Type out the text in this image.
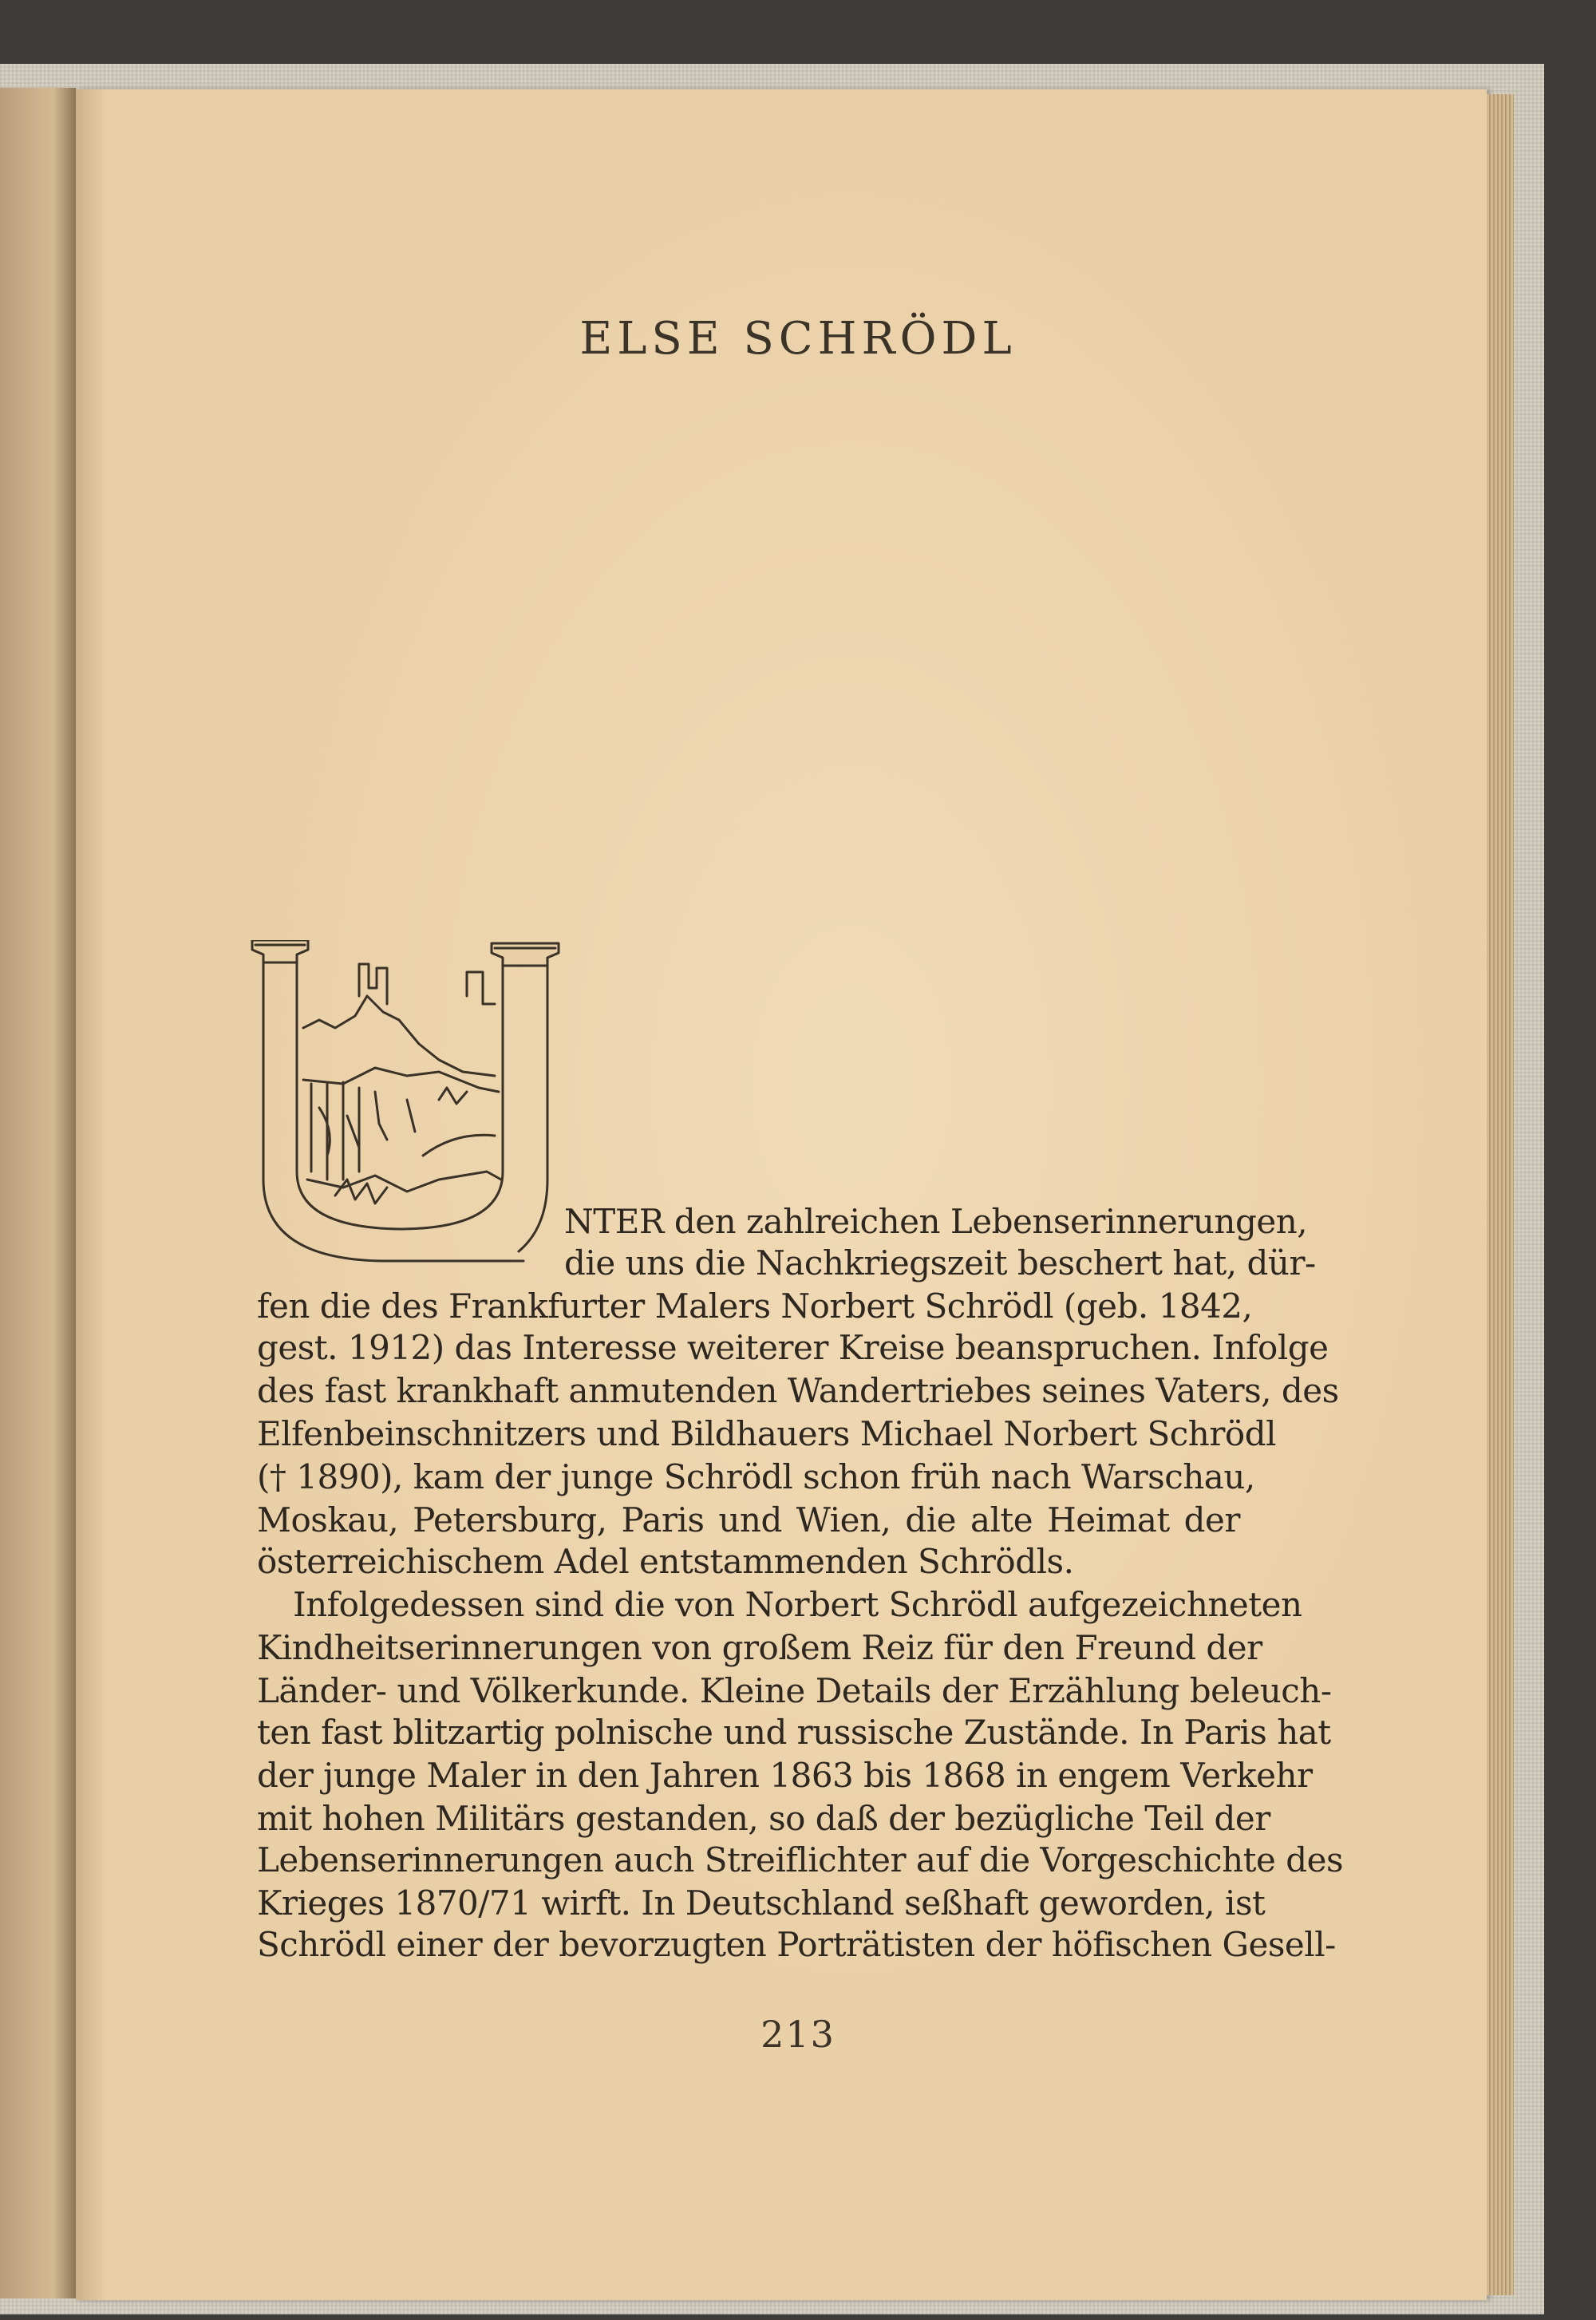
ELSE SCHRÖDL
NTER den zahlreichen Lebenserinnerungen,
die uns die Nachkriegszeit beschert hat, dür-
fen die des Frankfurter Malers Norbert Schrödl (geb. 1842,
gest. 1912) das Interesse weiterer Kreise beanspruchen. Infolge
des fast krankhaft anmutenden Wandertriebes seines Vaters, des
Elfenbeinschnitzers und Bildhauers Michael Norbert Schrödl
(† 1890), kam der junge Schrödl schon früh nach Warschau,
Moskau, Petersburg, Paris und Wien, die alte Heimat der
österreichischem Adel entstammenden Schrödls.
Infolgedessen sind die von Norbert Schrödl aufgezeichneten
Kindheitserinnerungen von großem Reiz für den Freund der
Länder- und Völkerkunde. Kleine Details der Erzählung beleuch-
ten fast blitzartig polnische und russische Zustände. In Paris hat
der junge Maler in den Jahren 1863 bis 1868 in engem Verkehr
mit hohen Militärs gestanden, so daß der bezügliche Teil der
Lebenserinnerungen auch Streiflichter auf die Vorgeschichte des
Krieges 1870/71 wirft. In Deutschland seßhaft geworden, ist
Schrödl einer der bevorzugten Porträtisten der höfischen Gesell-
213
